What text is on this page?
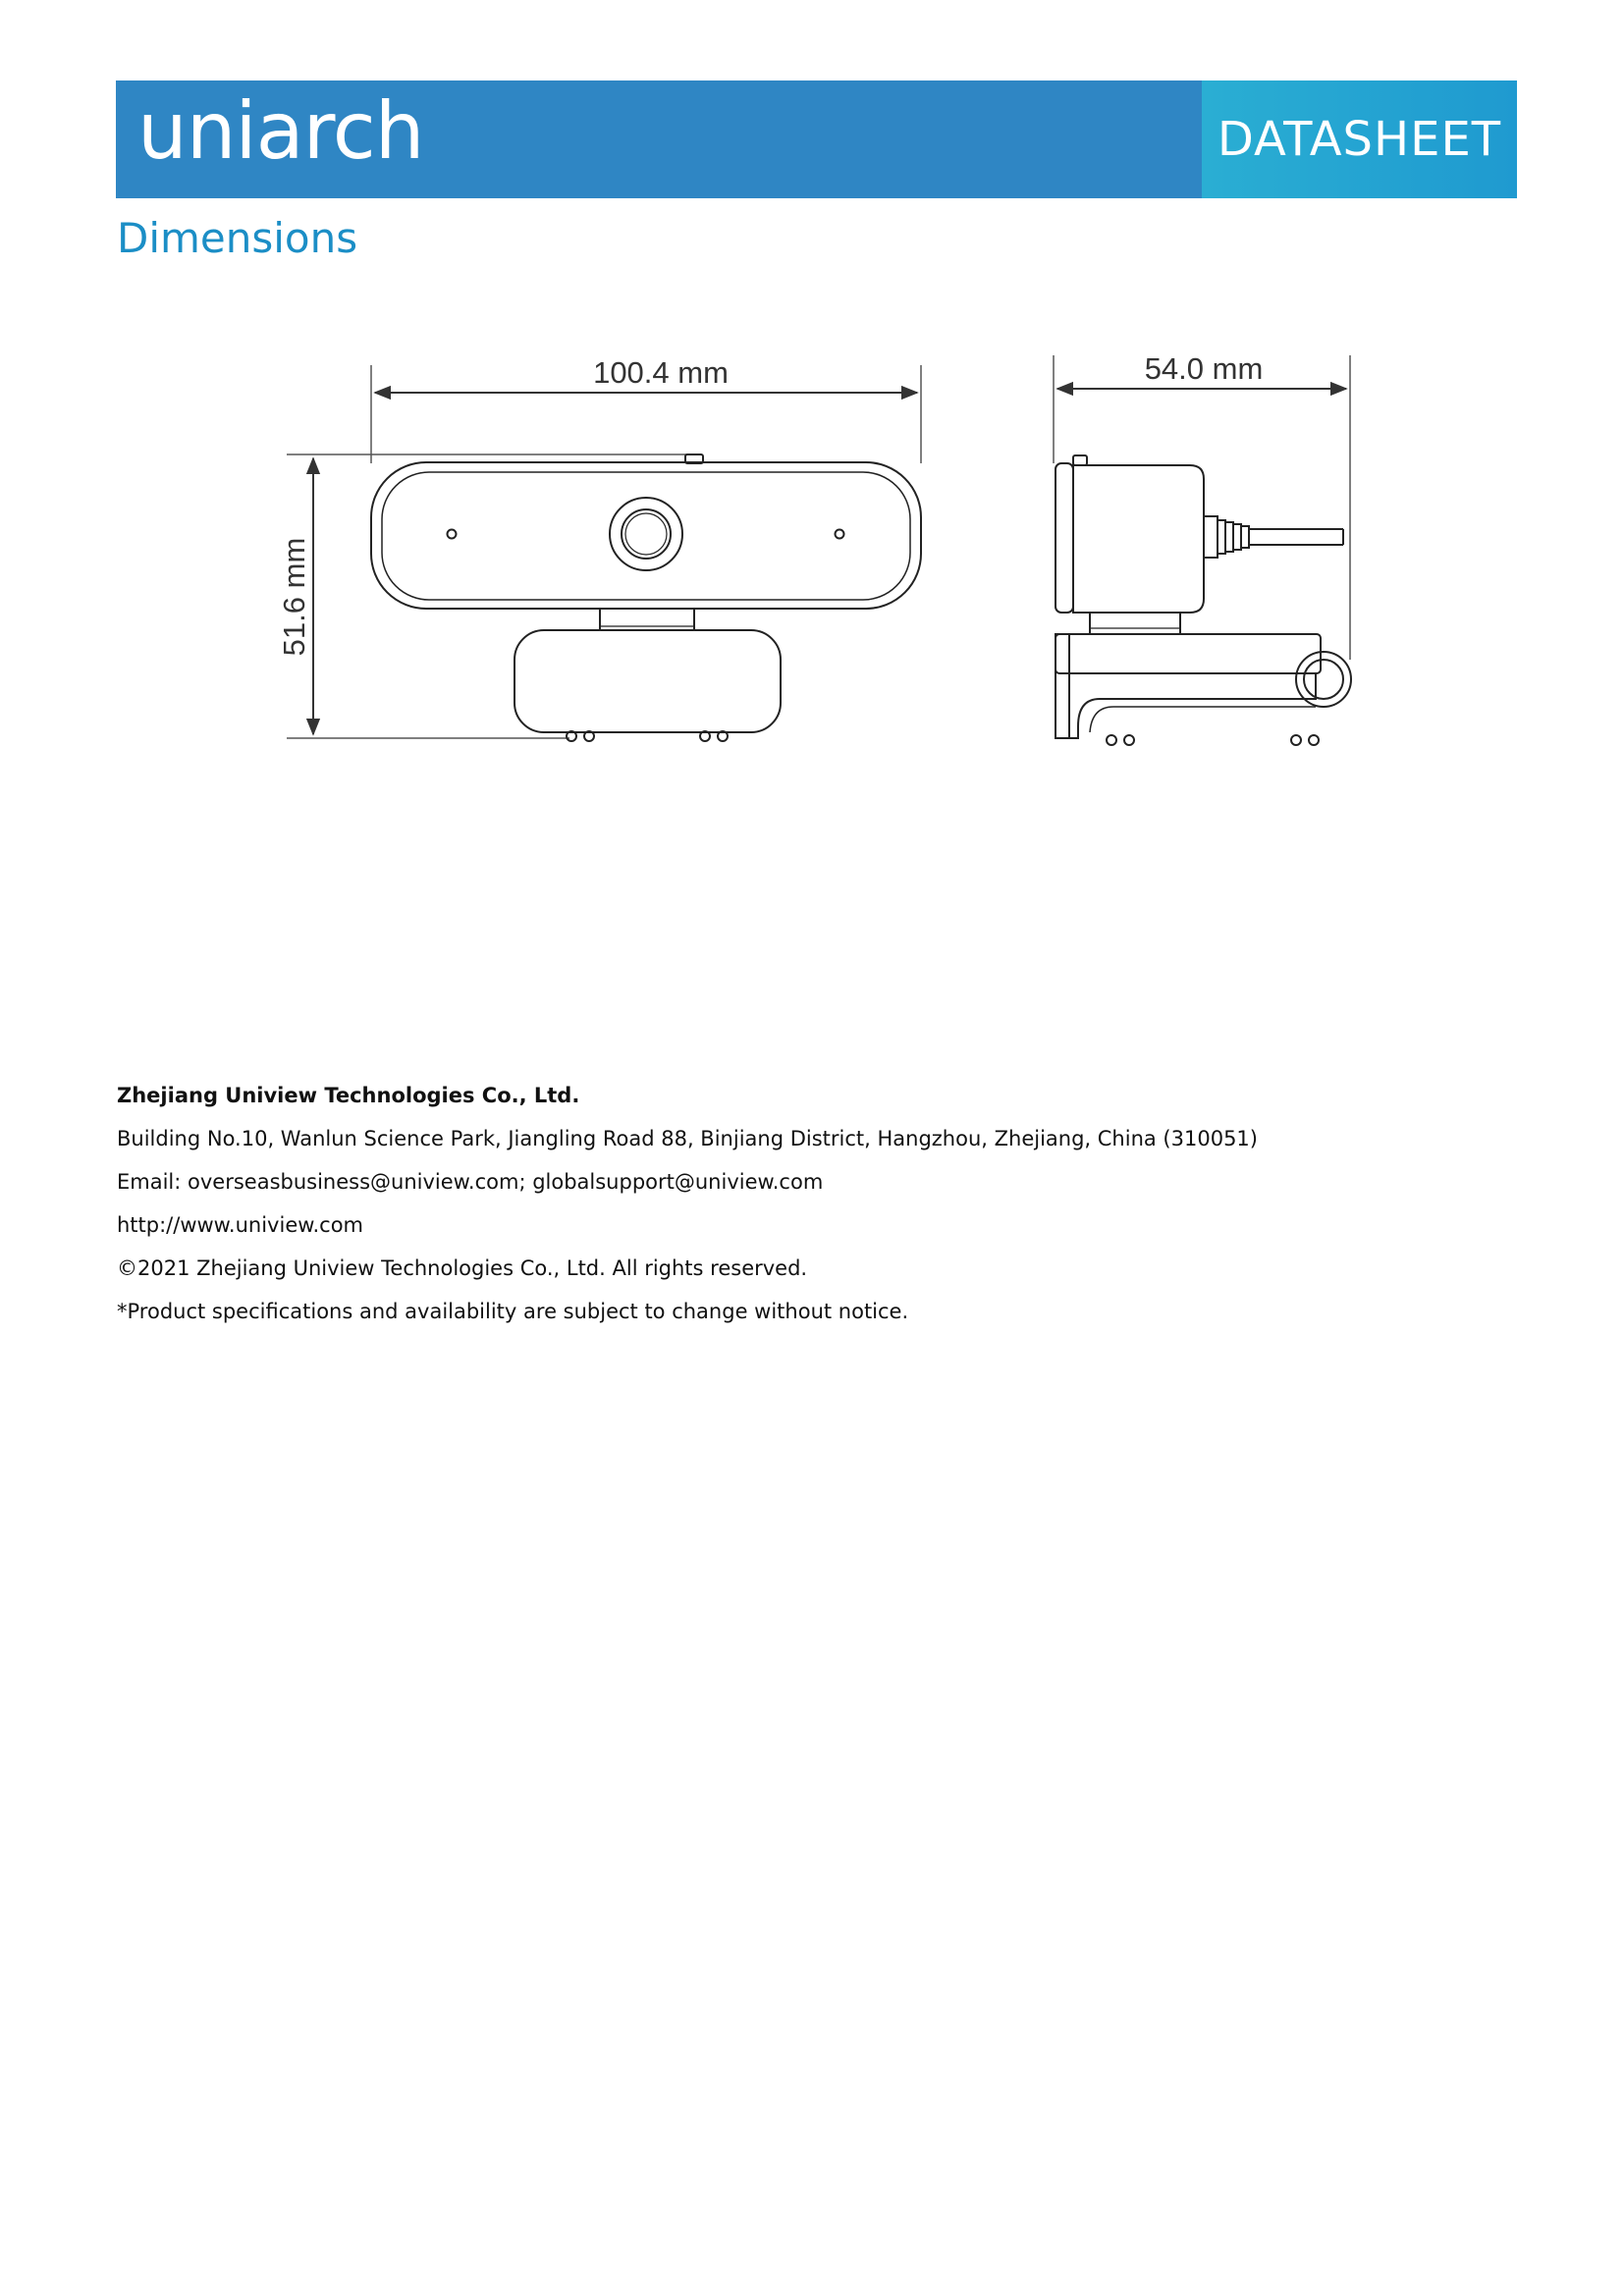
uniarch	DATASHEET
Dimensions
100.4 mm	54.0 mm
51.6 mm
Zhejiang Uniview Technologies Co., Ltd.
Building No.10, Wanlun Science Park, Jiangling Road 88, Binjiang District, Hangzhou, Zhejiang, China (310051)
Email: overseasbusiness@uniview.com; globalsupport@uniview.com
http://www.uniview.com
©2021 Zhejiang Uniview Technologies Co., Ltd. All rights reserved.
*Product specifications and availability are subject to change without notice.
